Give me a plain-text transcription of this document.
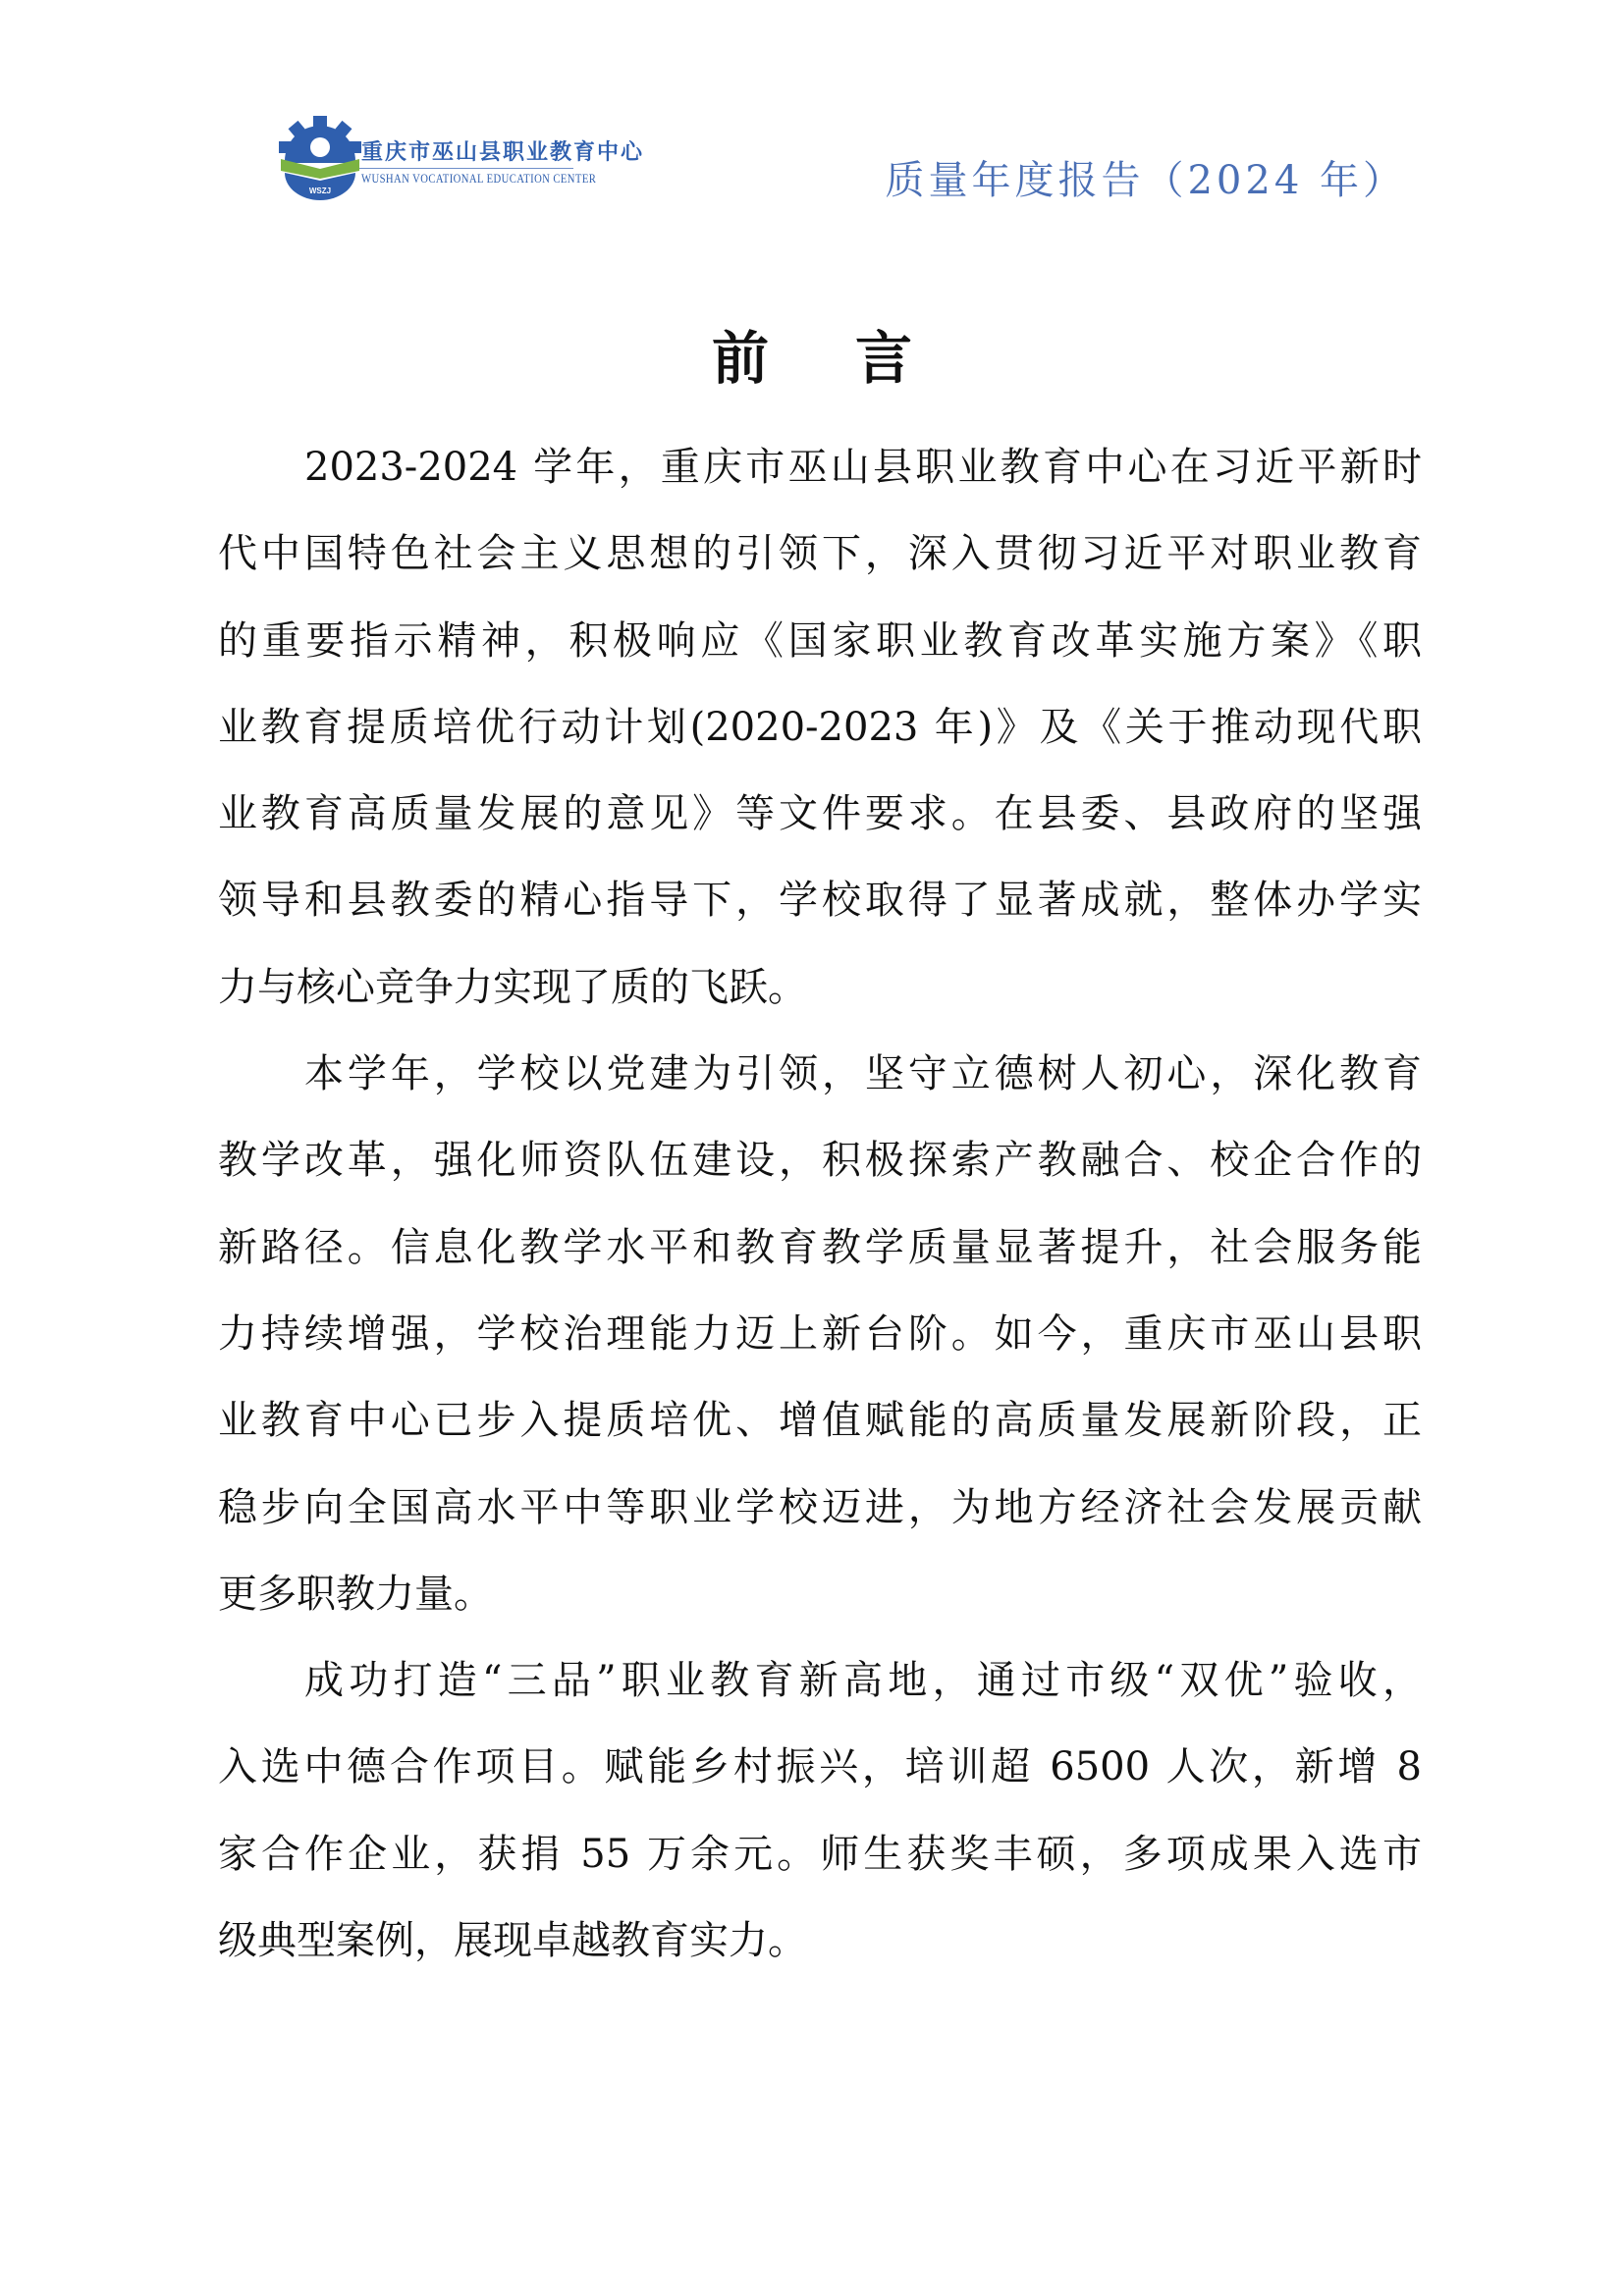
WSZJ
重庆市巫山县职业教育中心
WUSHAN VOCATIONAL EDUCATION CENTER	质量年度报告（2024 年）
前 言
2023-2024 学年，重庆市巫山县职业教育中心在习近平新时
代中国特色社会主义思想的引领下，深入贯彻习近平对职业教育
的重要指示精神，积极响应《国家职业教育改革实施方案》《职
业教育提质培优行动计划(2020-2023 年)》及《关于推动现代职
业教育高质量发展的意见》等文件要求。在县委、县政府的坚强
领导和县教委的精心指导下，学校取得了显著成就，整体办学实
力与核心竞争力实现了质的飞跃。
本学年，学校以党建为引领，坚守立德树人初心，深化教育
教学改革，强化师资队伍建设，积极探索产教融合、校企合作的
新路径。信息化教学水平和教育教学质量显著提升，社会服务能
力持续增强，学校治理能力迈上新台阶。如今，重庆市巫山县职
业教育中心已步入提质培优、增值赋能的高质量发展新阶段，正
稳步向全国高水平中等职业学校迈进，为地方经济社会发展贡献
更多职教力量。
成功打造“三品”职业教育新高地，通过市级“双优”验收，
入选中德合作项目。赋能乡村振兴，培训超 6500 人次，新增 8
家合作企业，获捐 55 万余元。师生获奖丰硕，多项成果入选市
级典型案例，展现卓越教育实力。
